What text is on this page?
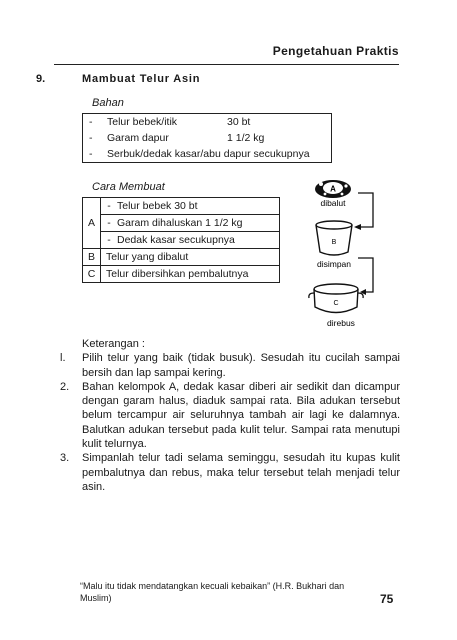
Pengetahuan Praktis
9.	Mambuat Telur Asin
Bahan
-	Telur bebek/itik	30 bt
-	Garam dapur	1 1/2 kg
-	Serbuk/dedak kasar/abu dapur secukupnya	
Cara Membuat
A	-	Telur bebek 30 bt
	-	Garam dihaluskan 1 1/2 kg
	-	Dedak kasar secukupnya
B	Telur yang dibalut	
C	Telur dibersihkan pembalutnya	
A
dibalut
B
disimpan
C
direbus
Keterangan :
l.	Pilih telur yang baik (tidak busuk). Sesudah itu cucilah sampai bersih dan lap sampai kering.
2.	Bahan kelompok A, dedak kasar diberi air sedikit dan dicampur dengan garam halus, diaduk sampai rata. Bila adukan tersebut belum tercampur air seluruhnya tambah air lagi ke dalamnya. Balutkan adukan tersebut pada kulit telur. Sampai rata menutupi kulit telurnya.
3.	Simpanlah telur tadi selama seminggu, sesudah itu kupas kulit pembalutnya dan rebus, maka telur tersebut telah menjadi telur asin.
“Malu itu tidak mendatangkan kecuali kebaikan” (H.R. Bukhari dan Muslim)	75
